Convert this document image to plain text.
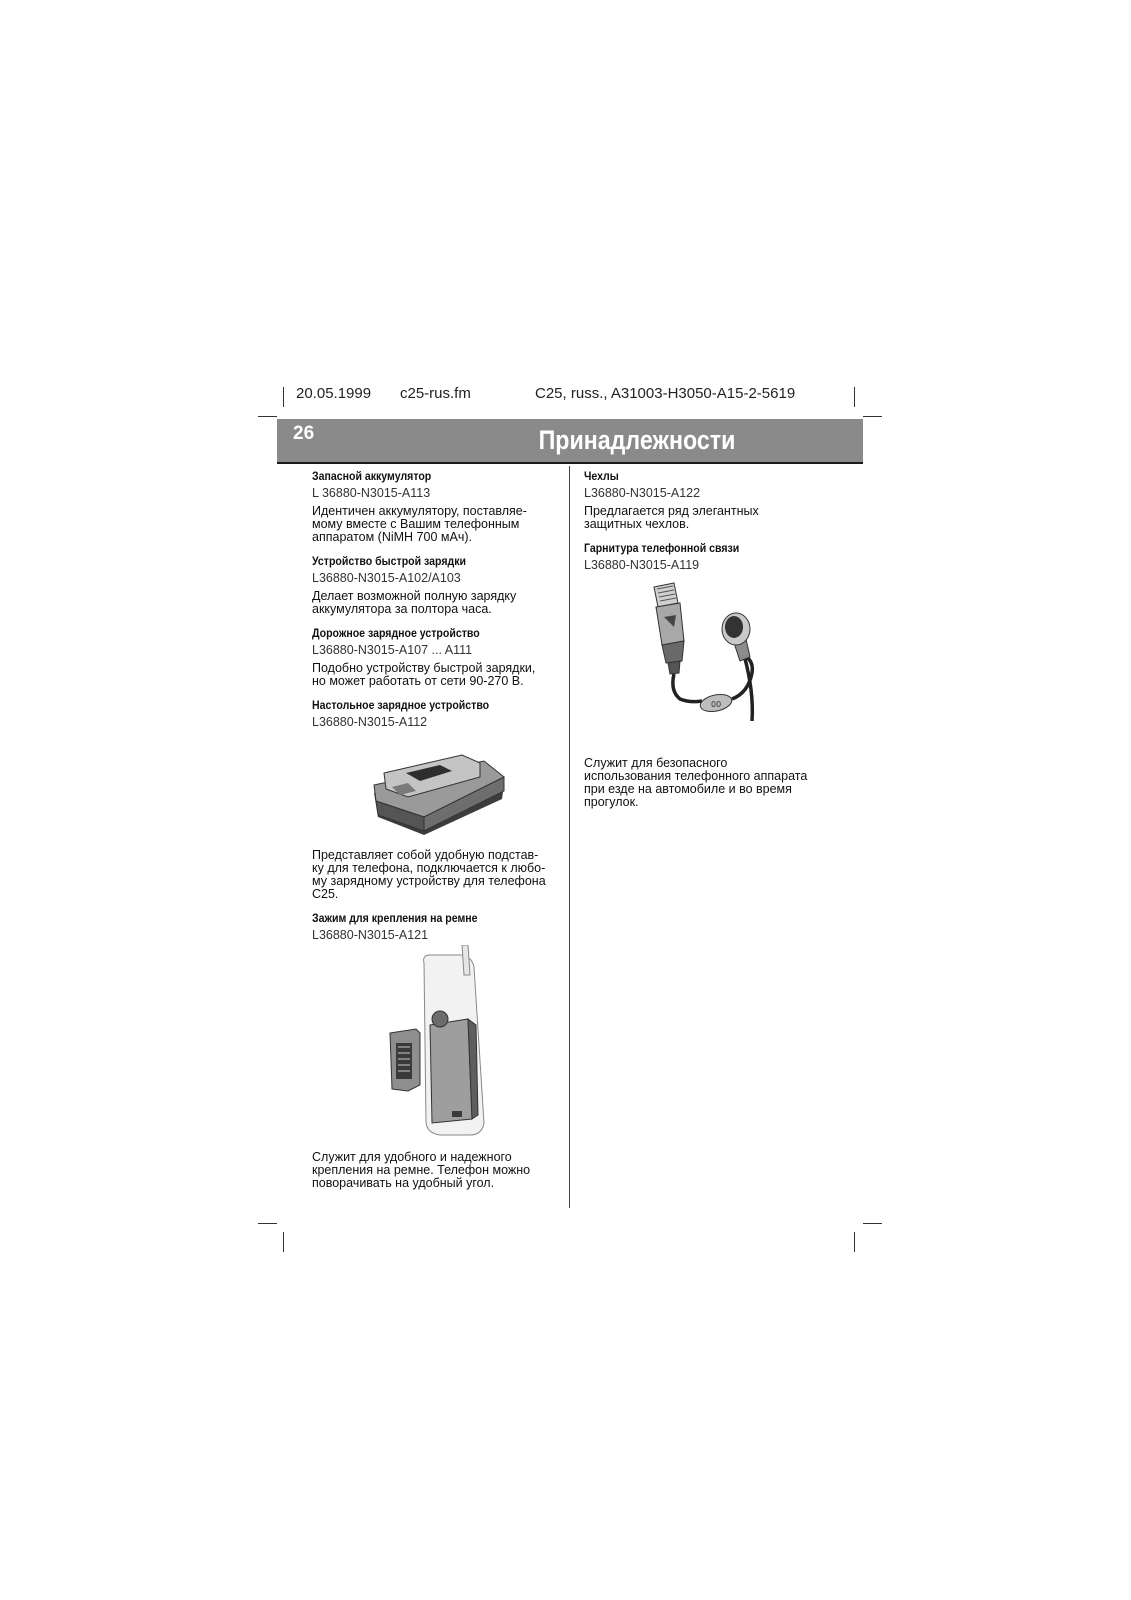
20.05.1999 c25-rus.fm	C25, russ., A31003-H3050-A15-2-5619
26	Принадлежности
Запасной аккумулятор
L 36880-N3015-A113
Идентичен аккумулятору, поставляе-
мому вместе с Вашим телефонным
аппаратом (NiMH 700 мАч).
Устройство быстрой зарядки
L36880-N3015-A102/A103
Делает возможной полную зарядку
аккумулятора за полтора часа.
Дорожное зарядное устройство
L36880-N3015-A107 ... A111
Подобно устройству быстрой зарядки,
но может работать от сети 90-270 В.
Настольное зарядное устройство
L36880-N3015-A112
Представляет собой удобную подстав-
ку для телефона, подключается к любо-
му зарядному устройству для телефона
C25.
Зажим для крепления на ремне
L36880-N3015-A121
Служит для удобного и надежного
крепления на ремне. Телефон можно
поворачивать на удобный угол.
Чехлы
L36880-N3015-A122
Предлагается ряд элегантных
защитных чехлов.
Гарнитура телефонной связи
L36880-N3015-A119
00
Служит для безопасного
использования телефонного аппарата
при езде на автомобиле и во время
прогулок.
